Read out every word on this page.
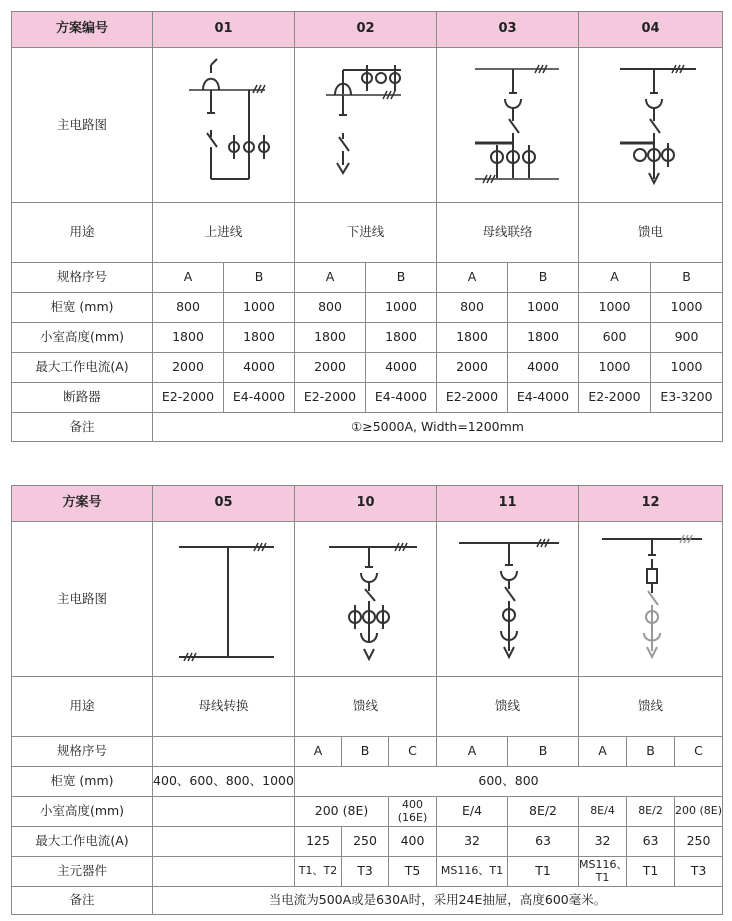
方案编号	01		02		03		04	
主电路图	

用途	上进线		下进线		母线联络		馈电	
规格序号	A	B	A	B	A	B	A	B
柜宽 (mm)	800	1000	800	1000	800	1000	1000	1000
小室高度(mm)	1800	1800	1800	1800	1800	1800	600	900
最大工作电流(A)	2000	4000	2000	4000	2000	4000	1000	1000
断路器	E2-2000	E4-4000	E2-2000	E4-4000	E2-2000	E4-4000	E2-2000	E3-3200
备注	①≥5000A, Width=1200mm							
方案号	05	10			11		12		
主电路图	

用途	母线转换	馈线			馈线		馈线		
规格序号		A	B	C	A	B	A	B	C
柜宽 (mm)	400、600、800、1000	600、800							
小室高度(mm)		200 (8E)		400 (16E)	E/4	8E/2	8E/4	8E/2	200 (8E)
最大工作电流(A)		125	250	400	32	63	32	63	250
主元器件		T1、T2	T3	T5	MS116、T1	T1	MS116、T1	T1	T3
备注	当电流为500A或是630A时，采用24E抽屉，高度600毫米。								
